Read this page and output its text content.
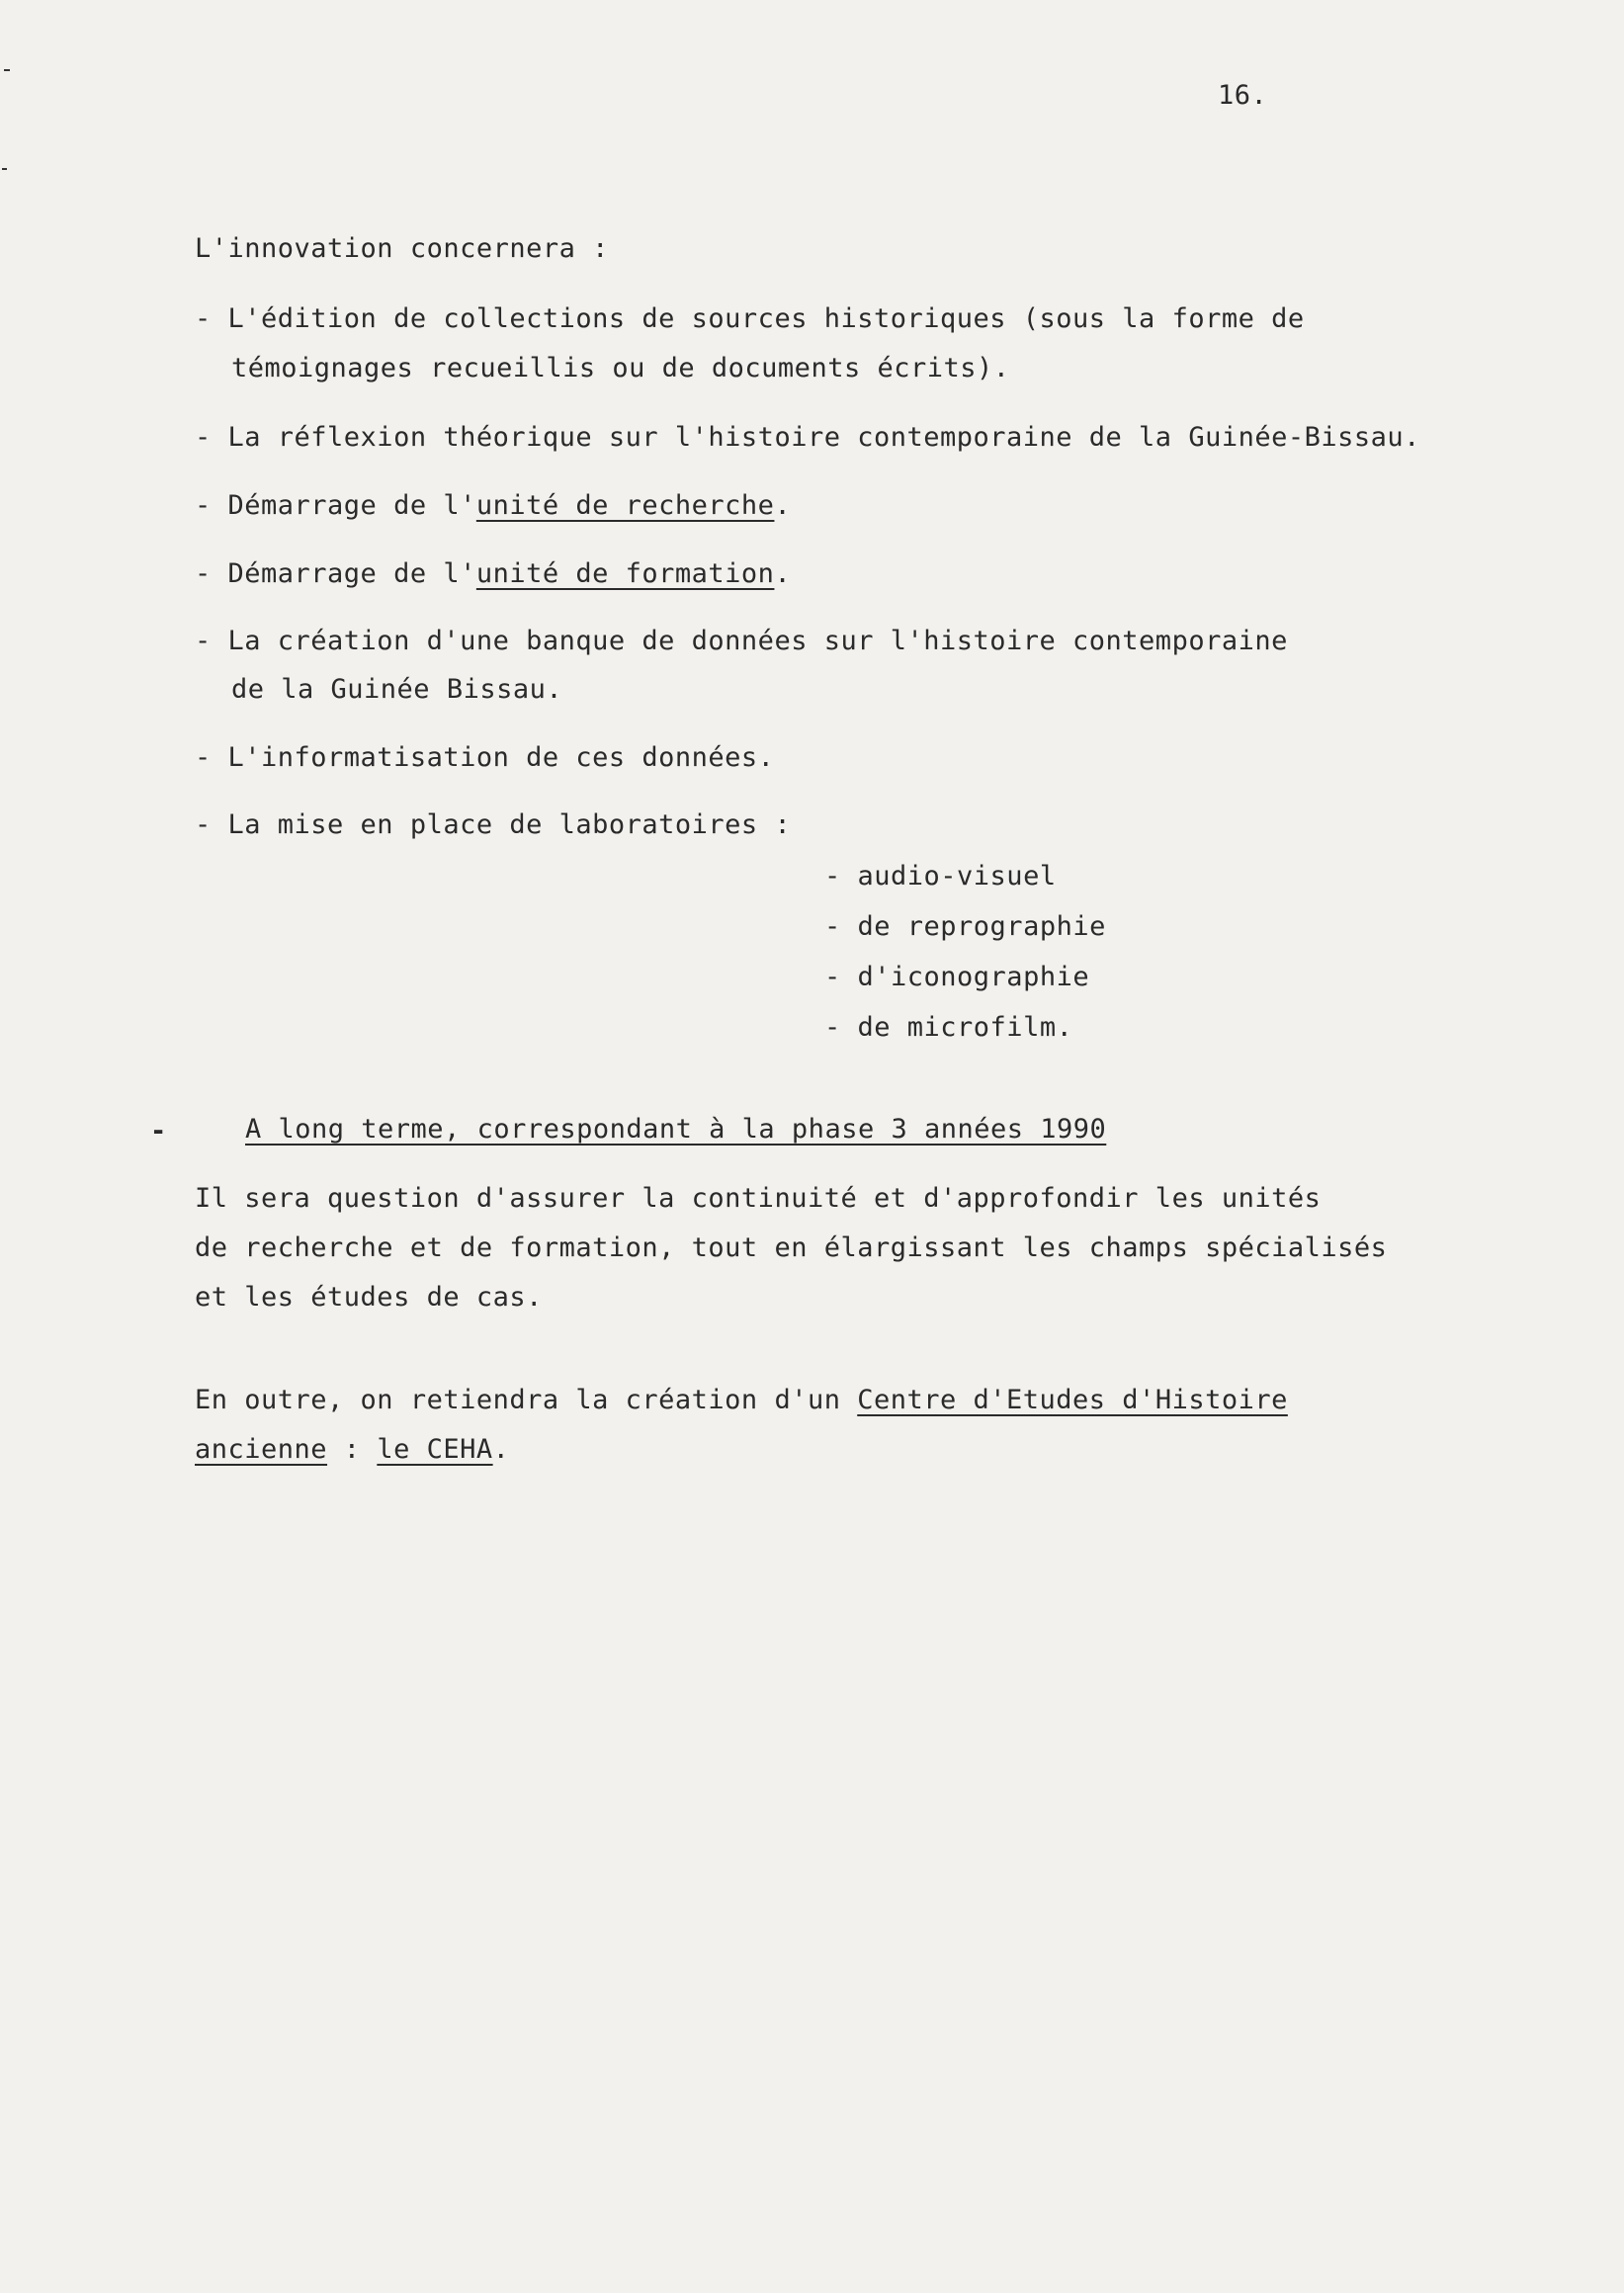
16.
L'innovation concernera :
- L'édition de collections de sources historiques (sous la forme de
témoignages recueillis ou de documents écrits).
- La réflexion théorique sur l'histoire contemporaine de la Guinée-Bissau.
- Démarrage de l'unité de recherche.
- Démarrage de l'unité de formation.
- La création d'une banque de données sur l'histoire contemporaine
de la Guinée Bissau.
- L'informatisation de ces données.
- La mise en place de laboratoires :
- audio-visuel
- de reprographie
- d'iconographie
- de microfilm.
-	A long terme, correspondant à la phase 3 années 1990
Il sera question d'assurer la continuité et d'approfondir les unités
de recherche et de formation, tout en élargissant les champs spécialisés
et les études de cas.
En outre, on retiendra la création d'un Centre d'Etudes d'Histoire
ancienne : le CEHA.
